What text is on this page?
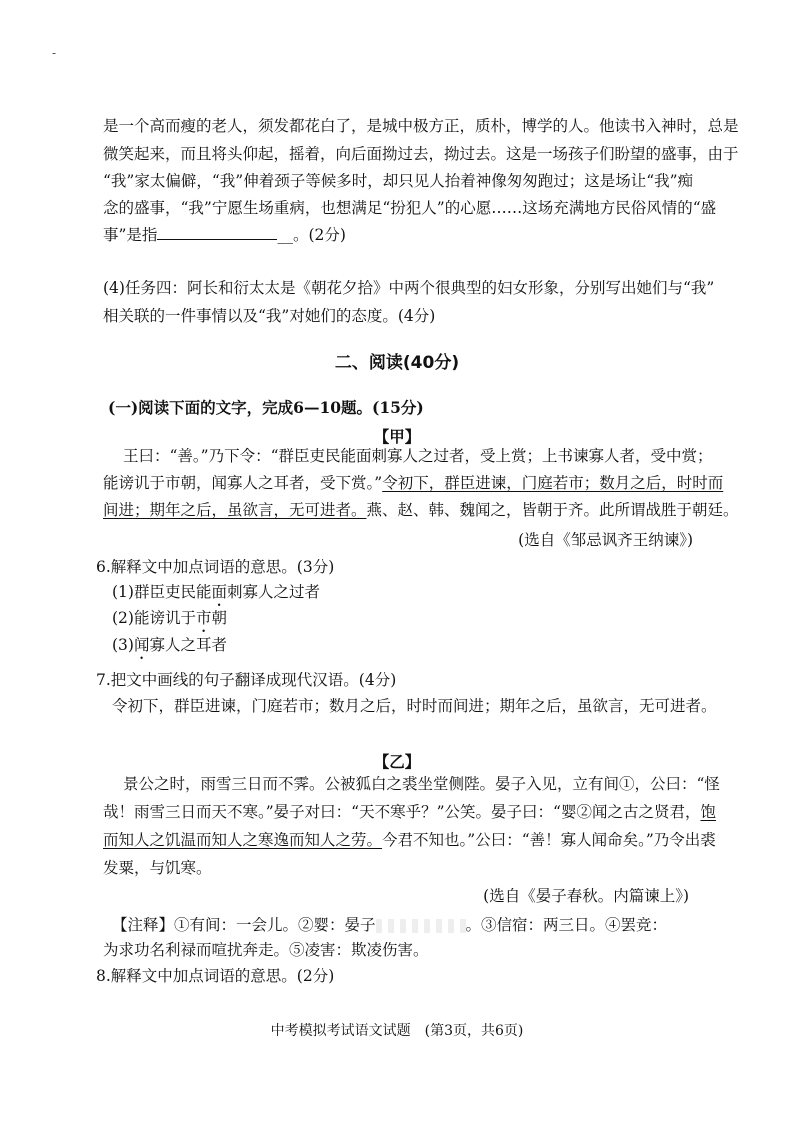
-
是一个高而瘦的老人，须发都花白了，是城中极方正，质朴，博学的人。他读书入神时，总是
微笑起来，而且将头仰起，摇着，向后面拗过去，拗过去。这是一场孩子们盼望的盛事，由于
“我”家太偏僻，“我”伸着颈子等候多时，却只见人抬着神像匆匆跑过；这是场让“我”痴
念的盛事，“我”宁愿生场重病，也想满足“扮犯人”的心愿……这场充满地方民俗风情的“盛
事”是指	__。(2分)
(4)任务四：阿长和衍太太是《朝花夕拾》中两个很典型的妇女形象，分别写出她们与“我”
相关联的一件事情以及“我”对她们的态度。(4分)
二、阅读(40分)
(一)阅读下面的文字，完成6—10题。(15分)
【甲】
王曰：“善。”乃下令：“群臣吏民能面刺寡人之过者，受上赏；上书谏寡人者，受中赏；
能谤讥于市朝，闻寡人之耳者，受下赏。”令初下，群臣进谏，门庭若市；数月之后，时时而
间进；期年之后，虽欲言，无可进者。燕、赵、韩、魏闻之，皆朝于齐。此所谓战胜于朝廷。
(选自《邹忌讽齐王纳谏》)
6.解释文中加点词语的意思。(3分)
(1)群臣吏民能面刺寡人之过者
(2)能谤讥于市朝
(3)闻寡人之耳者
7.把文中画线的句子翻译成现代汉语。(4分)
令初下，群臣进谏，门庭若市；数月之后，时时而间进；期年之后，虽欲言，无可进者。
【乙】
景公之时，雨雪三日而不霁。公被狐白之裘坐堂侧陛。晏子入见，立有间①，公曰：“怪
哉！雨雪三日而天不寒。”晏子对曰：“天不寒乎？”公笑。晏子曰：“婴②闻之古之贤君，饱
而知人之饥温而知人之寒逸而知人之劳。今君不知也。”公曰：“善！寡人闻命矣。”乃令出裘
发粟，与饥寒。
(选自《晏子春秋。内篇谏上》)
【注释】①有间：一会儿。②婴：晏子	。③信宿：两三日。④罢竞：
为求功名利禄而喧扰奔走。⑤凌害：欺凌伤害。
8.解释文中加点词语的意思。(2分)
中考模拟考试语文试题　(第3页，共6页)
